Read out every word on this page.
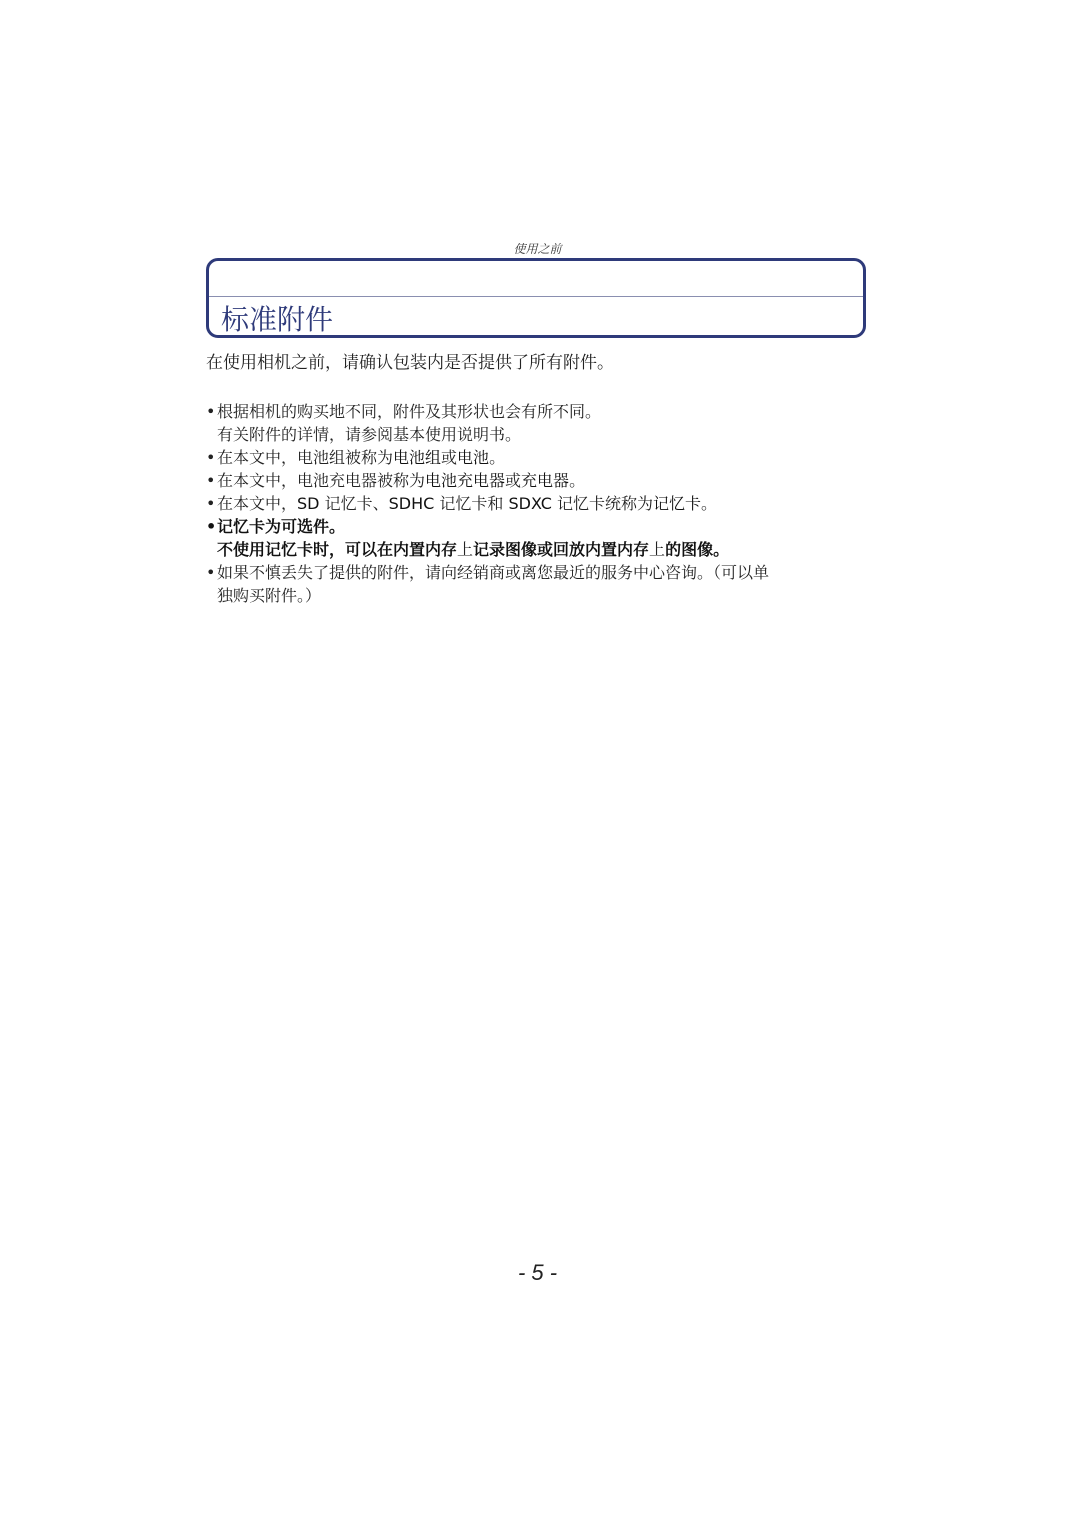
使用之前
标准附件
在使用相机之前，请确认包装内是否提供了所有附件。
• 根据相机的购买地不同，附件及其形状也会有所不同。
有关附件的详情，请参阅基本使用说明书。
• 在本文中，电池组被称为电池组或电池。
• 在本文中，电池充电器被称为电池充电器或充电器。
• 在本文中，SD 记忆卡、SDHC 记忆卡和 SDXC 记忆卡统称为记忆卡。
• 记忆卡为可选件。
不使用记忆卡时，可以在内置内存上记录图像或回放内置内存上的图像。
• 如果不慎丢失了提供的附件，请向经销商或离您最近的服务中心咨询。（可以单
独购买附件。）
- 5 -
